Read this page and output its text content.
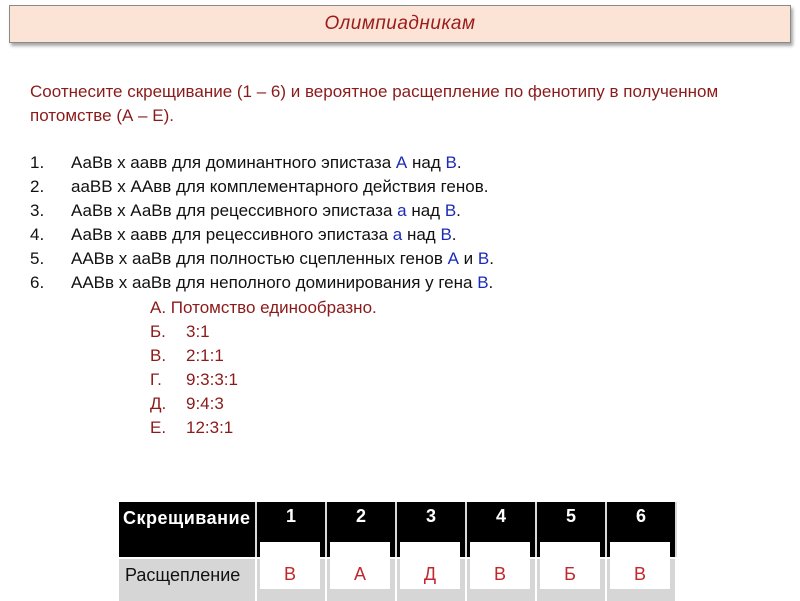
Олимпиадникам
Соотнесите скрещивание (1 – 6) и вероятное расщепление по фенотипу в полученном потомстве (А – Е).
1. АаВв х аавв для доминантного эпистаза А над В.
2. ааВВ х ААвв для комплементарного действия генов.
3. АаВв х АаВв для рецессивного эпистаза а над В.
4. АаВв х аавв для рецессивного эпистаза а над В.
5. ААВв х ааВв для полностью сцепленных генов А и В.
6. ААВв х ааВв для неполного доминирования у гена В.
А. Потомство единообразно.
Б. 3:1
В. 2:1:1
Г. 9:3:3:1
Д. 9:4:3
Е. 12:3:1
Скрещивание	1	2	3	4	5	6

Расщепление	В	А	Д	В	Б	В
